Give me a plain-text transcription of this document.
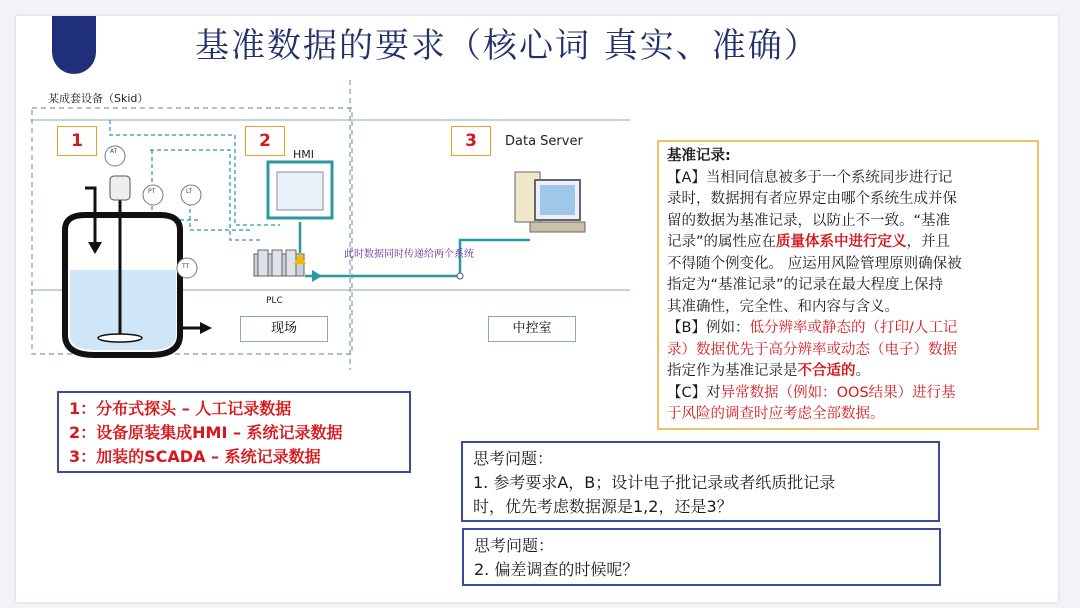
基准数据的要求（核心词 真实、准确）
某成套设备（Skid）
1	2	3
HMI
PLC
Data Server
此时数据同时传递给两个系统
AT
PT	LT
TT
现场	中控室
1：分布式探头 – 人工记录数据
2：设备原装集成HMI – 系统记录数据
3：加装的SCADA – 系统记录数据
基准记录:
【A】当相同信息被多于一个系统同步进行记
录时，数据拥有者应界定由哪个系统生成并保
留的数据为基准记录，以防止不一致。“基准
记录”的属性应在质量体系中进行定义，并且
不得随个例变化。 应运用风险管理原则确保被
指定为“基准记录”的记录在最大程度上保持
其准确性，完全性、和内容与含义。
【B】例如：低分辨率或静态的（打印/人工记
录）数据优先于高分辨率或动态（电子）数据
指定作为基准记录是不合适的。
【C】对异常数据（例如：OOS结果）进行基
于风险的调查时应考虑全部数据。
思考问题：
1. 参考要求A，B；设计电子批记录或者纸质批记录
时，优先考虑数据源是1,2，还是3？
思考问题：
2. 偏差调查的时候呢？
